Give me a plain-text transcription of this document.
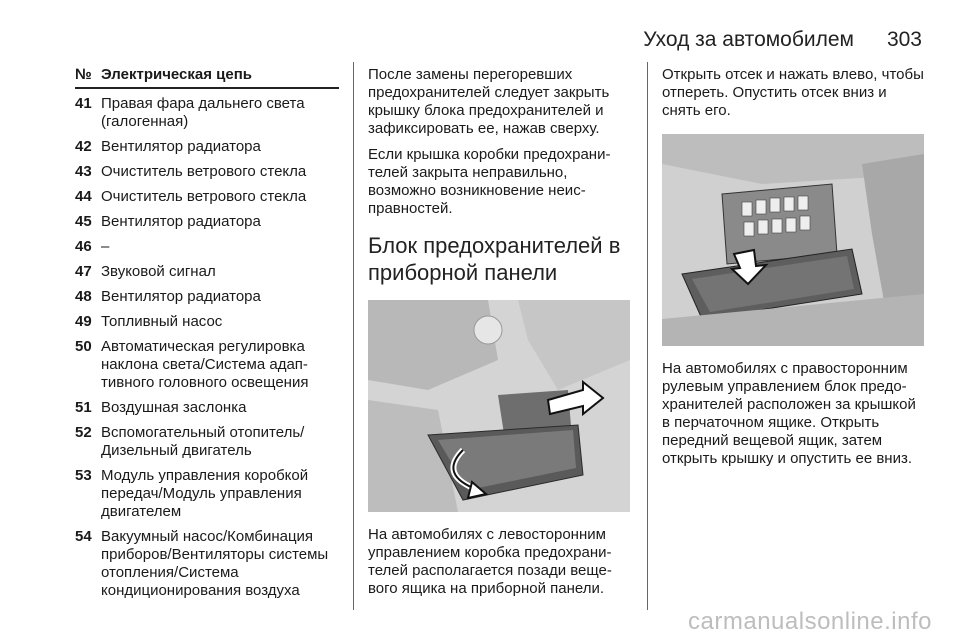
Уход за автомобилем 303
№ Электрическая цепь
41 Правая фара дальнего света (галогенная)
42 Вентилятор радиатора
43 Очиститель ветрового стекла
44 Очиститель ветрового стекла
45 Вентилятор радиатора
46 –
47 Звуковой сигнал
48 Вентилятор радиатора
49 Топливный насос
50 Автоматическая регулировка наклона света/Система адаптивного головного освещения
51 Воздушная заслонка
52 Вспомогательный отопитель/ Дизельный двигатель
53 Модуль управления коробкой передач/Модуль управления двигателем
54 Вакуумный насос/Комбинация приборов/Вентиляторы системы отопления/Система кондиционирования воздуха

После замены перегоревших предохранителей следует закрыть крышку блока предохранителей и зафиксировать ее, нажав сверху.

Если крышка коробки предохранителей закрыта неправильно, возможно возникновение неисправностей.

Блок предохранителей в приборной панели

На автомобилях с левосторонним управлением коробка предохранителей располагается позади вещевого ящика на приборной панели.

Открыть отсек и нажать влево, чтобы отпереть. Опустить отсек вниз и снять его.

На автомобилях с правосторонним рулевым управлением блок предохранителей расположен за крышкой в перчаточном ящике. Открыть передний вещевой ящик, затем открыть крышку и опустить ее вниз.

carmanualsonline.info
